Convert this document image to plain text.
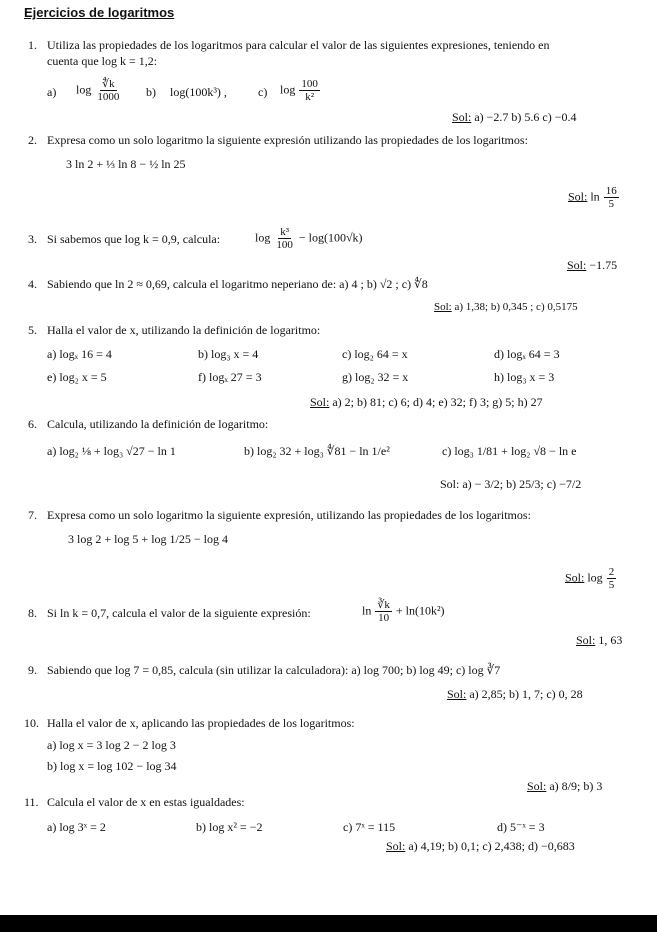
Ejercicios de logaritmos
1. Utiliza las propiedades de los logaritmos para calcular el valor de las siguientes expresiones, teniendo en
cuenta que log k = 1,2:
a) $\log \frac{∜k}{1000} b$) log(100k³) ,	c) $\log \frac{100}{\text{k²}}$
Sol: a) −2.7 b) 5.6 c) −0.4
2. Expresa como un solo logaritmo la siguiente expresión utilizando las propiedades de los logaritmos:
3 ln 2 + ⅓ ln 8 − ½ ln 25
Sol: $\ln \frac{16}{5}$
3. Si sabemos que log k = 0,9, calcula:	$\log \frac{\text{k³}}{100} - \log(100√k)$
Sol: −1.75
4. Sabiendo que ln 2 ≈ 0,69, calcula el logaritmo neperiano de: a) 4 ; b) √2 ; c) ∜8
Sol: a) 1,38; b) 0,345 ; c) 0,5175
5. Halla el valor de x, utilizando la definición de logaritmo:
a) logₓ 16 = 4	b) log₃ x = 4	c) log₂ 64 = x	d) logₓ 64 = 3
e) log₂ x = 5	f) logₓ 27 = 3	g) log₂ 32 = x	h) log₃ x = 3
Sol: a) 2; b) 81; c) 6; d) 4; e) 32; f) 3; g) 5; h) 27
6. Calcula, utilizando la definición de logaritmo:
a) log₂ ⅛ + log₃ √27 − ln 1	b) log₂ 32 + log₃ ∜81 − ln 1/e²	c) log₃ 1/81 + log₂ √8 − ln e
Sol: a) − 3/2; b) 25/3; c) −7/2
7. Expresa como un solo logaritmo la siguiente expresión, utilizando las propiedades de los logaritmos:
3 log 2 + log 5 + log 1/25 − log 4
Sol: $\log \frac{2}{5}$
8. Si ln k = 0,7, calcula el valor de la siguiente expresión:	$\ln \frac{∛k}{10} + \ln(10k^2)$
Sol: 1, 63
9. Sabiendo que log 7 = 0,85, calcula (sin utilizar la calculadora): a) log 700; b) log 49; c) log ∛7
Sol: a) 2,85; b) 1, 7; c) 0, 28
10. Halla el valor de x, aplicando las propiedades de los logaritmos:
a) log x = 3 log 2 − 2 log 3
b) log x = log 102 − log 34
Sol: a) 8/9; b) 3
11. Calcula el valor de x en estas igualdades:
a) log 3ˣ = 2	b) log x² = −2	c) 7ˣ = 115	d) 5⁻ˣ = 3
Sol: a) 4,19; b) 0,1; c) 2,438; d) −0,683
